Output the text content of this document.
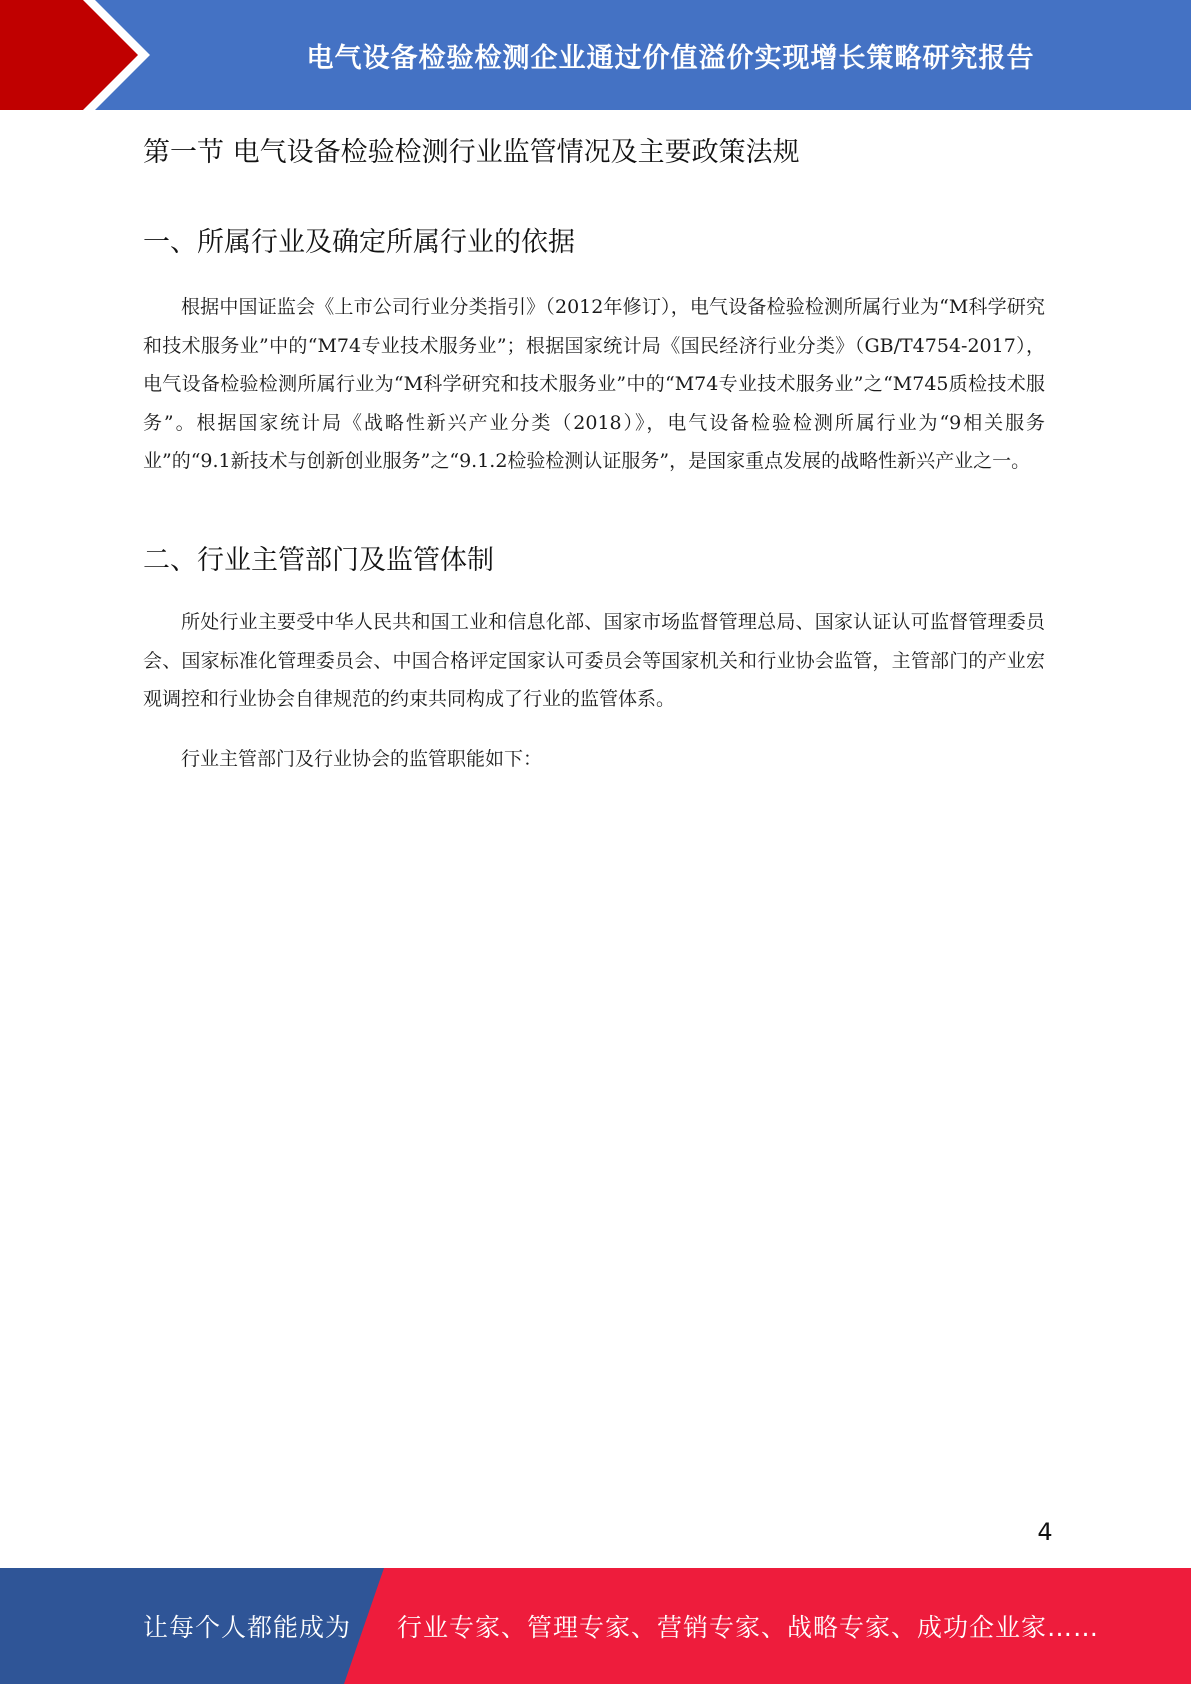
电气设备检验检测企业通过价值溢价实现增长策略研究报告
第一节 电气设备检验检测行业监管情况及主要政策法规
一、所属行业及确定所属行业的依据

根据中国证监会《上市公司行业分类指引》（2012年修订），电气设备检验检测所属行业为“M科学研究和技术服务业”中的“M74专业技术服务业”；根据国家统计局《国民经济行业分类》（GB/T4754-2017），电气设备检验检测所属行业为“M科学研究和技术服务业”中的“M74专业技术服务业”之“M745质检技术服务”。根据国家统计局《战略性新兴产业分类（2018）》，电气设备检验检测所属行业为“9相关服务业”的“9.1新技术与创新创业服务”之“9.1.2检验检测认证服务”，是国家重点发展的战略性新兴产业之一。

二、行业主管部门及监管体制

所处行业主要受中华人民共和国工业和信息化部、国家市场监督管理总局、国家认证认可监督管理委员会、国家标准化管理委员会、中国合格评定国家认可委员会等国家机关和行业协会监管，主管部门的产业宏观调控和行业协会自律规范的约束共同构成了行业的监管体系。

行业主管部门及行业协会的监管职能如下：

4
让每个人都能成为 行业专家、管理专家、营销专家、战略专家、成功企业家……
